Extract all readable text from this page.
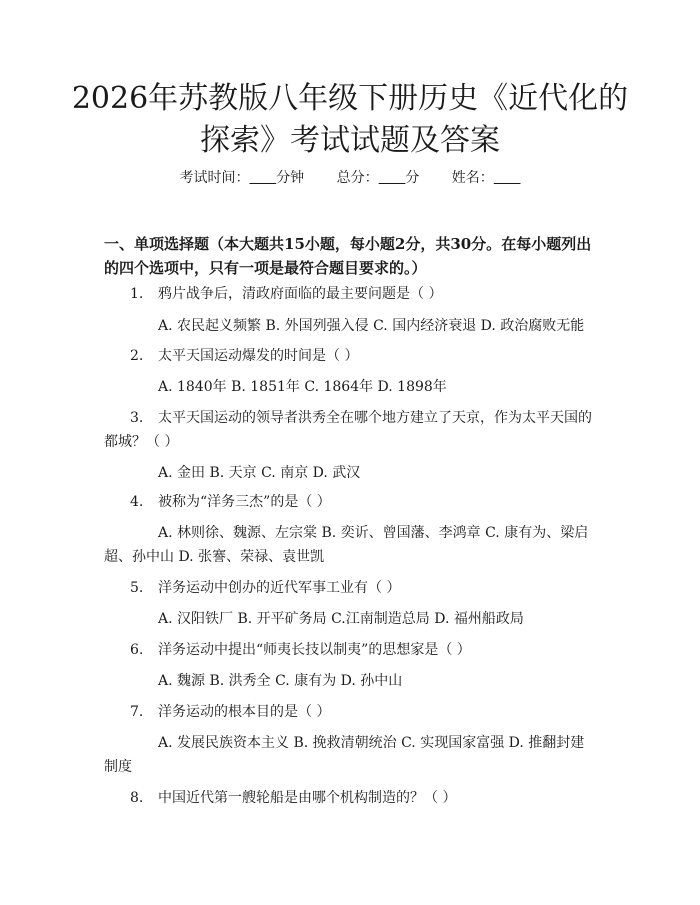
2026年苏教版八年级下册历史《近代化的探索》考试试题及答案
考试时间： 分钟 总分： 分 姓名：

一、单项选择题（本大题共15小题，每小题2分，共30分。在每小题列出的四个选项中，只有一项是最符合题目要求的。）

1. 鸦片战争后，清政府面临的最主要问题是（ ）

A. 农民起义频繁 B. 外国列强入侵 C. 国内经济衰退 D. 政治腐败无能

2. 太平天国运动爆发的时间是（ ）

A. 1840年 B. 1851年 C. 1864年 D. 1898年

3. 太平天国运动的领导者洪秀全在哪个地方建立了天京，作为太平天国的都城？（ ）

A. 金田 B. 天京 C. 南京 D. 武汉

4. 被称为“洋务三杰”的是（ ）

A. 林则徐、魏源、左宗棠 B. 奕䜣、曾国藩、李鸿章 C. 康有为、梁启超、孙中山 D. 张謇、荣禄、袁世凯

5. 洋务运动中创办的近代军事工业有（ ）

A. 汉阳铁厂 B. 开平矿务局 C.江南制造总局 D. 福州船政局

6. 洋务运动中提出“师夷长技以制夷”的思想家是（ ）

A. 魏源 B. 洪秀全 C. 康有为 D. 孙中山

7. 洋务运动的根本目的是（ ）

A. 发展民族资本主义 B. 挽救清朝统治 C. 实现国家富强 D. 推翻封建制度

8. 中国近代第一艘轮船是由哪个机构制造的？（ ）
